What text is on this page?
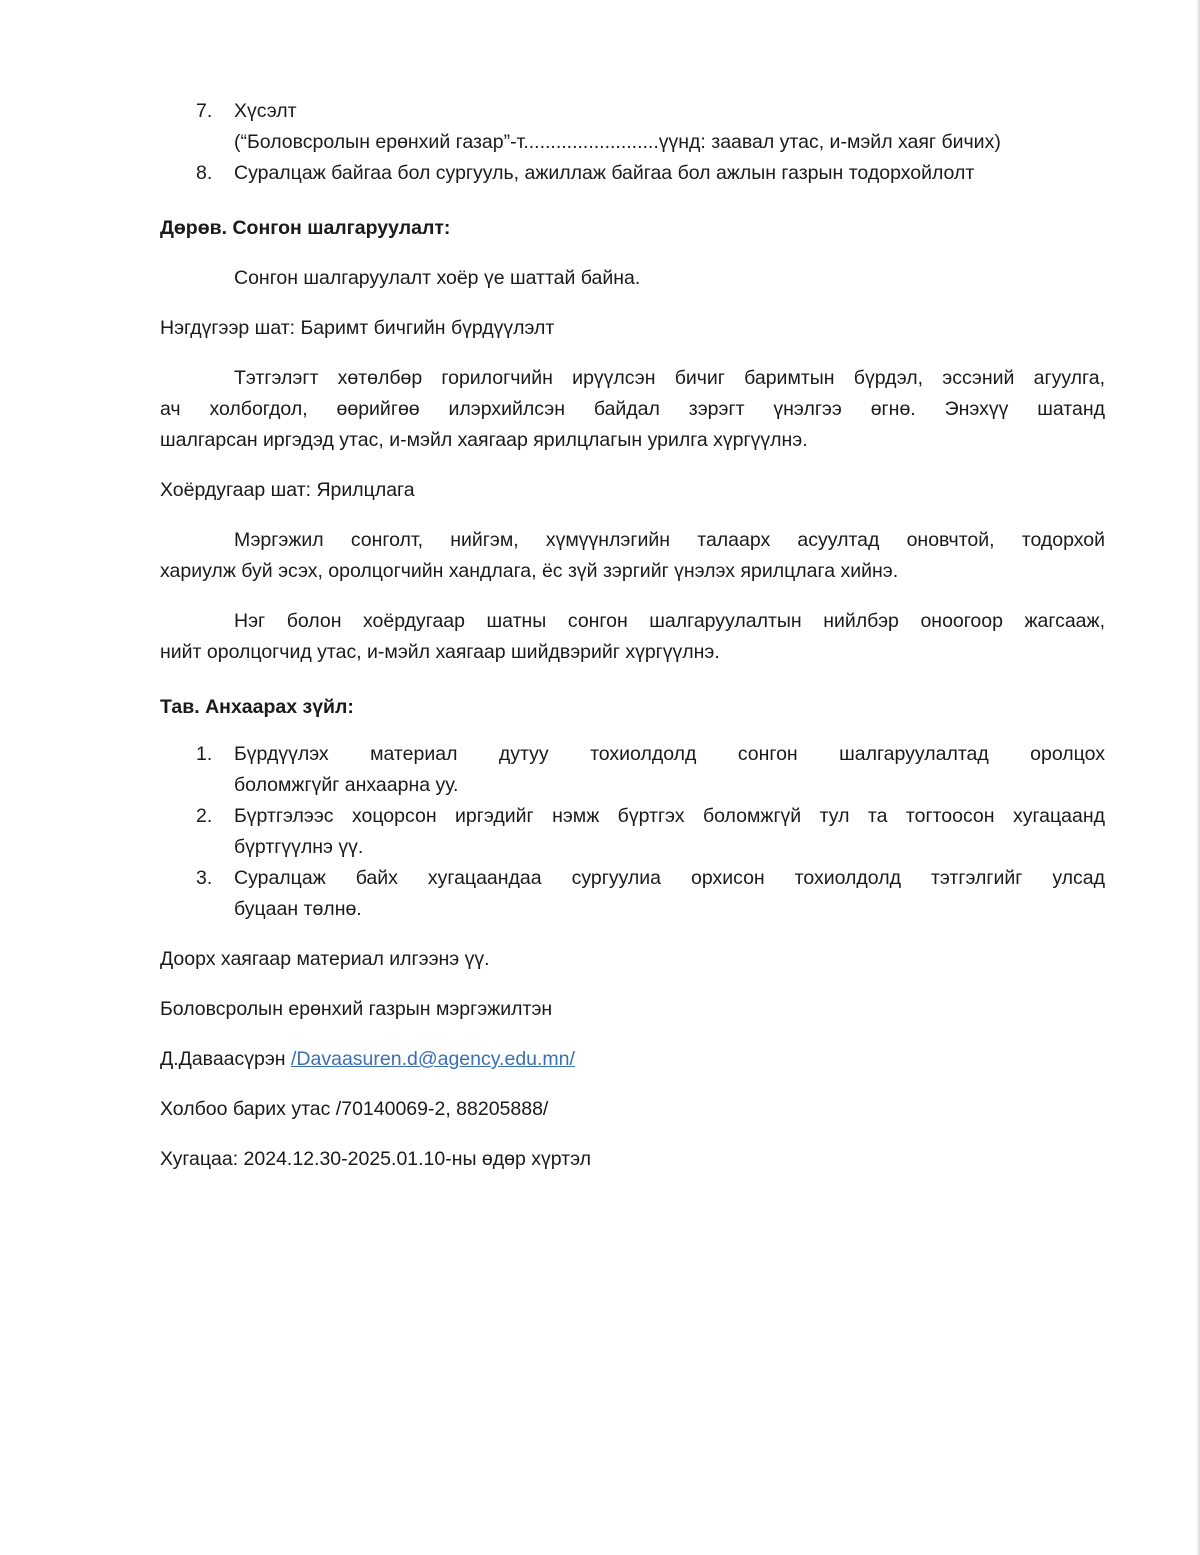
7.	Хүсэлт
(“Боловсролын ерөнхий газар”-т.........................үүнд: заавал утас, и-мэйл хаяг бичих)
8.	Суралцаж байгаа бол сургууль, ажиллаж байгаа бол ажлын газрын тодорхойлолт
Дөрөв. Сонгон шалгаруулалт:
Сонгон шалгаруулалт хоёр үе шаттай байна.
Нэгдүгээр шат: Баримт бичгийн бүрдүүлэлт
Тэтгэлэгт хөтөлбөр горилогчийн ирүүлсэн бичиг баримтын бүрдэл, эссэний агуулга,
ач холбогдол, өөрийгөө илэрхийлсэн байдал зэрэгт үнэлгээ өгнө. Энэхүү шатанд
шалгарсан иргэдэд утас, и-мэйл хаягаар ярилцлагын урилга хүргүүлнэ.
Хоёрдугаар шат: Ярилцлага
Мэргэжил сонголт, нийгэм, хүмүүнлэгийн талаарх асуултад оновчтой, тодорхой
хариулж буй эсэх, оролцогчийн хандлага, ёс зүй зэргийг үнэлэх ярилцлага хийнэ.
Нэг болон хоёрдугаар шатны сонгон шалгаруулалтын нийлбэр оноогоор жагсааж,
нийт оролцогчид утас, и-мэйл хаягаар шийдвэрийг хүргүүлнэ.
Тав. Анхаарах зүйл:
1.	Бүрдүүлэх материал дутуу тохиолдолд сонгон шалгаруулалтад оролцох
боломжгүйг анхаарна уу.
2.	Бүртгэлээс хоцорсон иргэдийг нэмж бүртгэх боломжгүй тул та тогтоосон хугацаанд
бүртгүүлнэ үү.
3.	Суралцаж байх хугацаандаа сургуулиа орхисон тохиолдолд тэтгэлгийг улсад
буцаан төлнө.
Доорх хаягаар материал илгээнэ үү.
Боловсролын ерөнхий газрын мэргэжилтэн
Д.Даваасүрэн /Davaasuren.d@agency.edu.mn/
Холбоо барих утас /70140069-2, 88205888/
Хугацаа: 2024.12.30-2025.01.10-ны өдөр хүртэл
